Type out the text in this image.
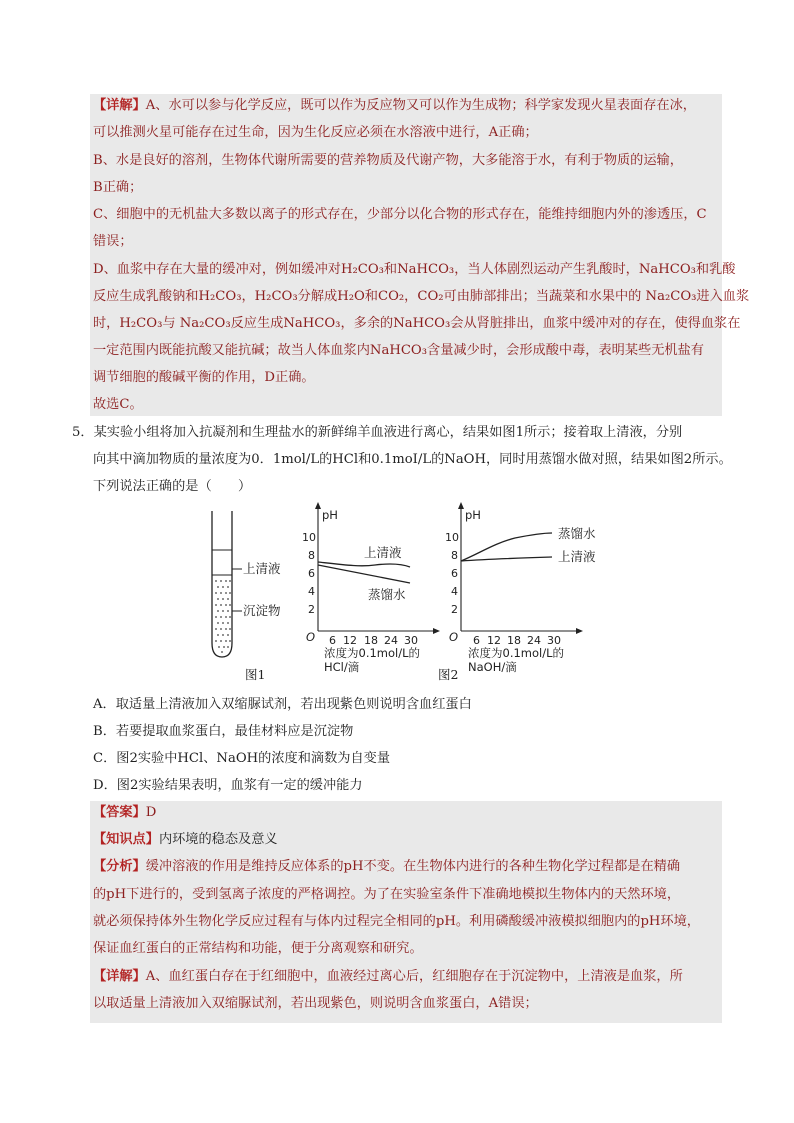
【详解】A、水可以参与化学反应，既可以作为反应物又可以作为生成物；科学家发现火星表面存在冰，
可以推测火星可能存在过生命，因为生化反应必须在水溶液中进行，A正确；
B、水是良好的溶剂，生物体代谢所需要的营养物质及代谢产物，大多能溶于水，有利于物质的运输，
B正确；
C、细胞中的无机盐大多数以离子的形式存在，少部分以化合物的形式存在，能维持细胞内外的渗透压，C
错误；
D、血浆中存在大量的缓冲对，例如缓冲对H₂CO₃和NaHCO₃，当人体剧烈运动产生乳酸时，NaHCO₃和乳酸
反应生成乳酸钠和H₂CO₃，H₂CO₃分解成H₂O和CO₂，CO₂可由肺部排出；当蔬菜和水果中的 Na₂CO₃进入血浆
时，H₂CO₃与 Na₂CO₃反应生成NaHCO₃，多余的NaHCO₃会从肾脏排出，血浆中缓冲对的存在，使得血浆在
一定范围内既能抗酸又能抗碱；故当人体血浆内NaHCO₃含量减少时，会形成酸中毒，表明某些无机盐有
调节细胞的酸碱平衡的作用，D正确。
故选C。
5．某实验小组将加入抗凝剂和生理盐水的新鲜绵羊血液进行离心，结果如图1所示；接着取上清液，分别
向其中滴加物质的量浓度为0．1mol/L的HCl和0.1moI/L的NaOH，同时用蒸馏水做对照，结果如图2所示。
下列说法正确的是（　　）
上清液
沉淀物
图1
pH
O
10
8
6
4
2
6 12 18 24 30
上清液
蒸馏水
浓度为0.1mol/L的
HCl/滴
pH
O
10
8
6
4
2
6 12 18 24 30
蒸馏水
上清液
浓度为0.1mol/L的
NaOH/滴
图2
A．取适量上清液加入双缩脲试剂，若出现紫色则说明含血红蛋白
B．若要提取血浆蛋白，最佳材料应是沉淀物
C．图2实验中HCl、NaOH的浓度和滴数为自变量
D．图2实验结果表明，血浆有一定的缓冲能力
【答案】D
【知识点】内环境的稳态及意义
【分析】缓冲溶液的作用是维持反应体系的pH不变。在生物体内进行的各种生物化学过程都是在精确
的pH下进行的，受到氢离子浓度的严格调控。为了在实验室条件下准确地模拟生物体内的天然环境，
就必须保持体外生物化学反应过程有与体内过程完全相同的pH。利用磷酸缓冲液模拟细胞内的pH环境，
保证血红蛋白的正常结构和功能，便于分离观察和研究。
【详解】A、血红蛋白存在于红细胞中，血液经过离心后，红细胞存在于沉淀物中，上清液是血浆，所
以取适量上清液加入双缩脲试剂，若出现紫色，则说明含血浆蛋白，A错误；
